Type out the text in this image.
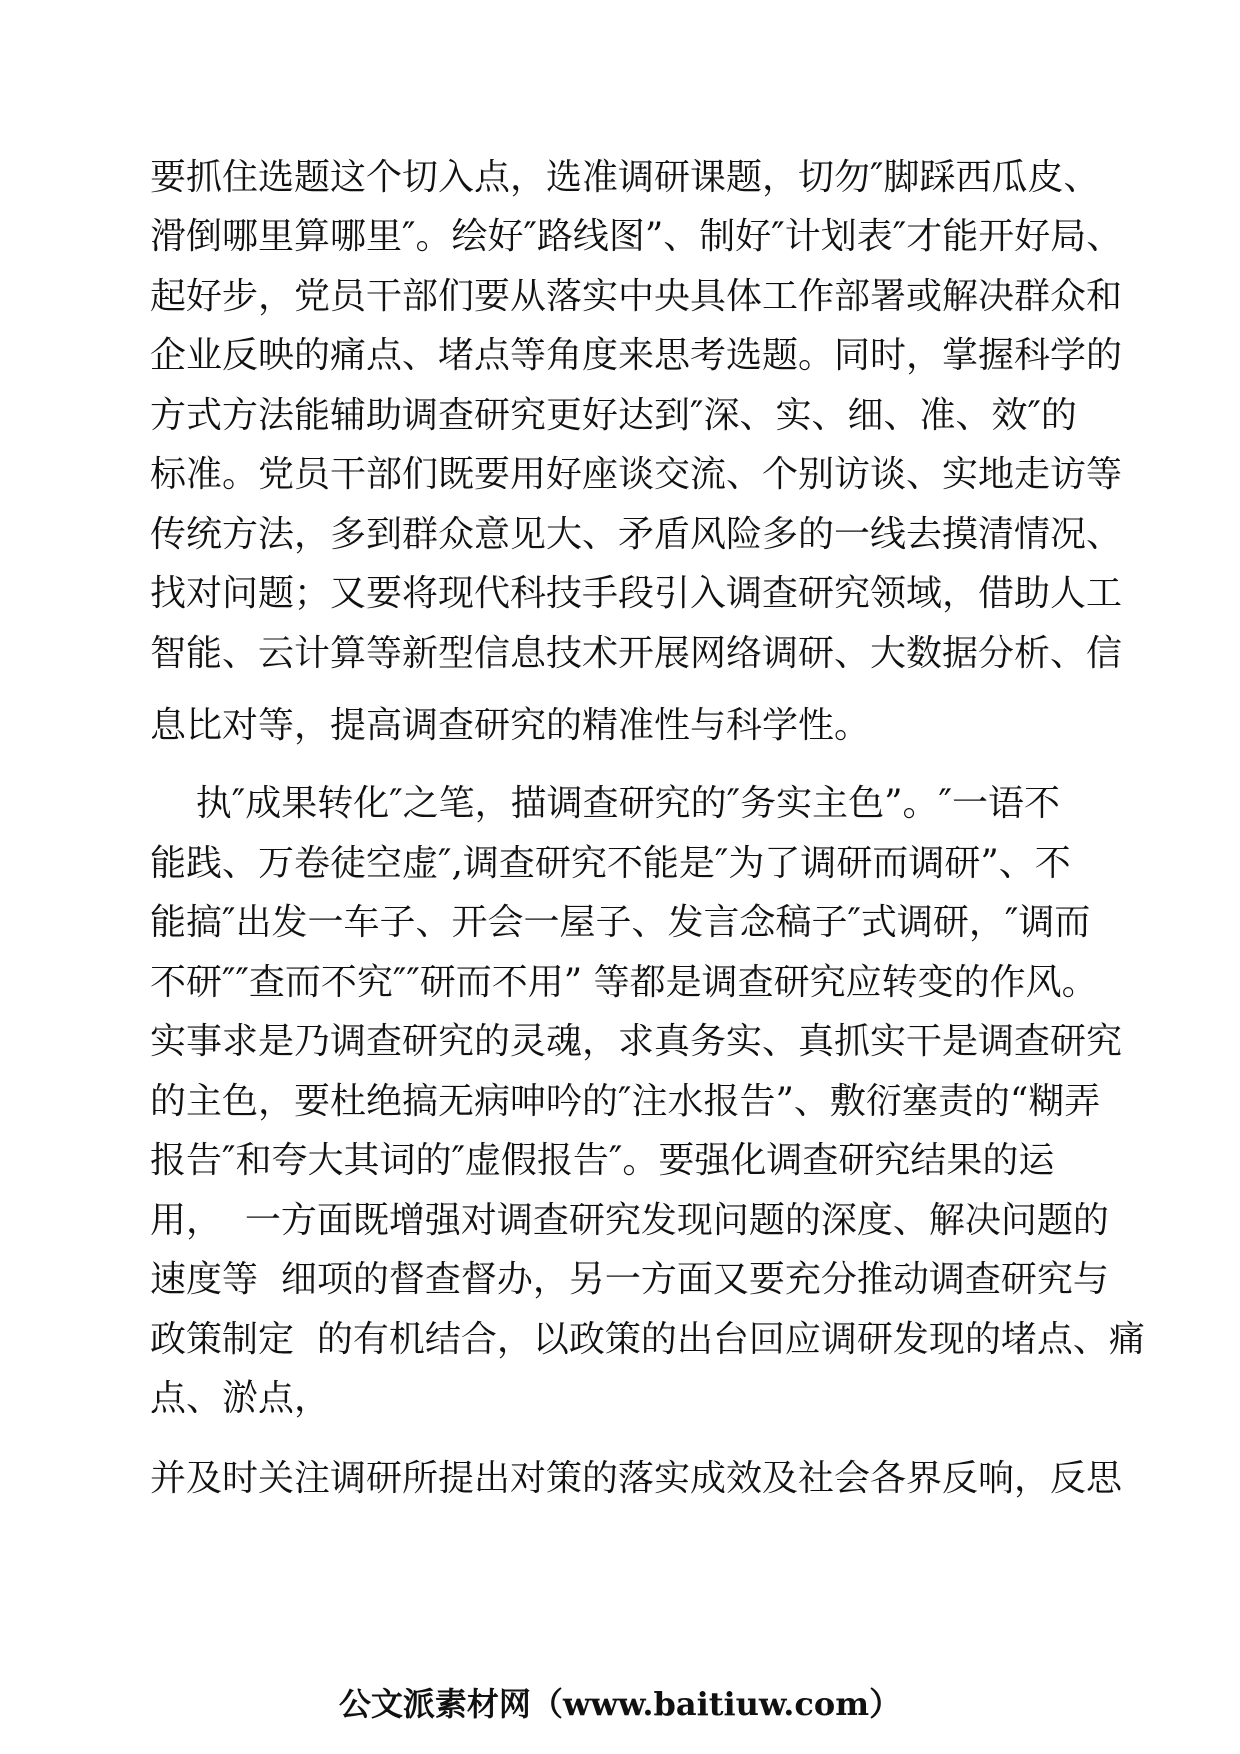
要抓住选题这个切入点，选准调研课题，切勿″脚踩西瓜皮、
滑倒哪里算哪里″。绘好″路线图”、制好″计划表″才能开好局、
起好步，党员干部们要从落实中央具体工作部署或解决群众和
企业反映的痛点、堵点等角度来思考选题。同时，掌握科学的
方式方法能辅助调查研究更好达到″深、实、细、准、效″的
标准。党员干部们既要用好座谈交流、个别访谈、实地走访等
传统方法，多到群众意见大、矛盾风险多的一线去摸清情况、
找对问题；又要将现代科技手段引入调查研究领域，借助人工
智能、云计算等新型信息技术开展网络调研、大数据分析、信
息比对等，提高调查研究的精准性与科学性。
执″成果转化″之笔，描调查研究的″务实主色”。″一语不
能践、万卷徒空虚″,调查研究不能是″为了调研而调研”、不
能搞″出发一车子、开会一屋子、发言念稿子″式调研，″调而
不研″″查而不究″″研而不用” 等都是调查研究应转变的作风。
实事求是乃调查研究的灵魂，求真务实、真抓实干是调查研究
的主色，要杜绝搞无病呻吟的″注水报告”、敷衍塞责的“糊弄
报告″和夸大其词的″虚假报告″。要强化调查研究结果的运
用，  一方面既增强对调查研究发现问题的深度、解决问题的
速度等  细项的督查督办，另一方面又要充分推动调查研究与
政策制定  的有机结合，以政策的出台回应调研发现的堵点、痛
点、淤点，
并及时关注调研所提出对策的落实成效及社会各界反响，反思
公文派素材网（www.baitiuw.com）
